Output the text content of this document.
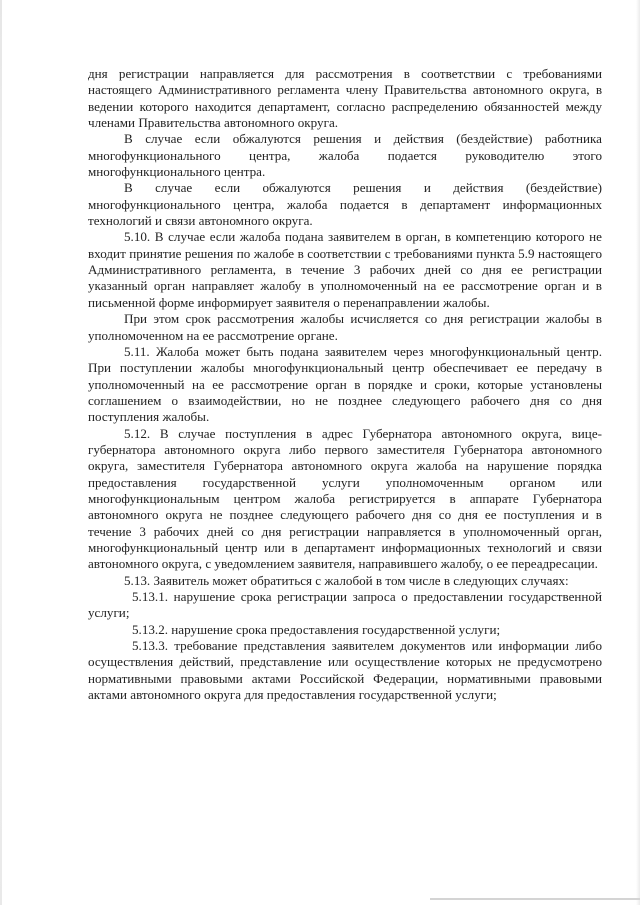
дня регистрации направляется для рассмотрения в соответствии с требованиями настоящего Административного регламента члену Правительства автономного округа, в ведении которого находится департамент, согласно распределению обязанностей между членами Правительства автономного округа.

В случае если обжалуются решения и действия (бездействие) работника многофункционального центра, жалоба подается руководителю этого многофункционального центра.

В случае если обжалуются решения и действия (бездействие) многофункционального центра, жалоба подается в департамент информационных технологий и связи автономного округа.

5.10. В случае если жалоба подана заявителем в орган, в компетенцию которого не входит принятие решения по жалобе в соответствии с требованиями пункта 5.9 настоящего Административного регламента, в течение 3 рабочих дней со дня ее регистрации указанный орган направляет жалобу в уполномоченный на ее рассмотрение орган и в письменной форме информирует заявителя о перенаправлении жалобы.

При этом срок рассмотрения жалобы исчисляется со дня регистрации жалобы в уполномоченном на ее рассмотрение органе.

5.11. Жалоба может быть подана заявителем через многофункциональный центр. При поступлении жалобы многофункциональный центр обеспечивает ее передачу в уполномоченный на ее рассмотрение орган в порядке и сроки, которые установлены соглашением о взаимодействии, но не позднее следующего рабочего дня со дня поступления жалобы.

5.12. В случае поступления в адрес Губернатора автономного округа, вице-губернатора автономного округа либо первого заместителя Губернатора автономного округа, заместителя Губернатора автономного округа жалоба на нарушение порядка предоставления государственной услуги уполномоченным органом или многофункциональным центром жалоба регистрируется в аппарате Губернатора автономного округа не позднее следующего рабочего дня со дня ее поступления и в течение 3 рабочих дней со дня регистрации направляется в уполномоченный орган, многофункциональный центр или в департамент информационных технологий и связи автономного округа, с уведомлением заявителя, направившего жалобу, о ее переадресации.

5.13. Заявитель может обратиться с жалобой в том числе в следующих случаях:

5.13.1. нарушение срока регистрации запроса о предоставлении государственной услуги;

5.13.2. нарушение срока предоставления государственной услуги;

5.13.3. требование представления заявителем документов или информации либо осуществления действий, представление или осуществление которых не предусмотрено нормативными правовыми актами Российской Федерации, нормативными правовыми актами автономного округа для предоставления государственной услуги;
